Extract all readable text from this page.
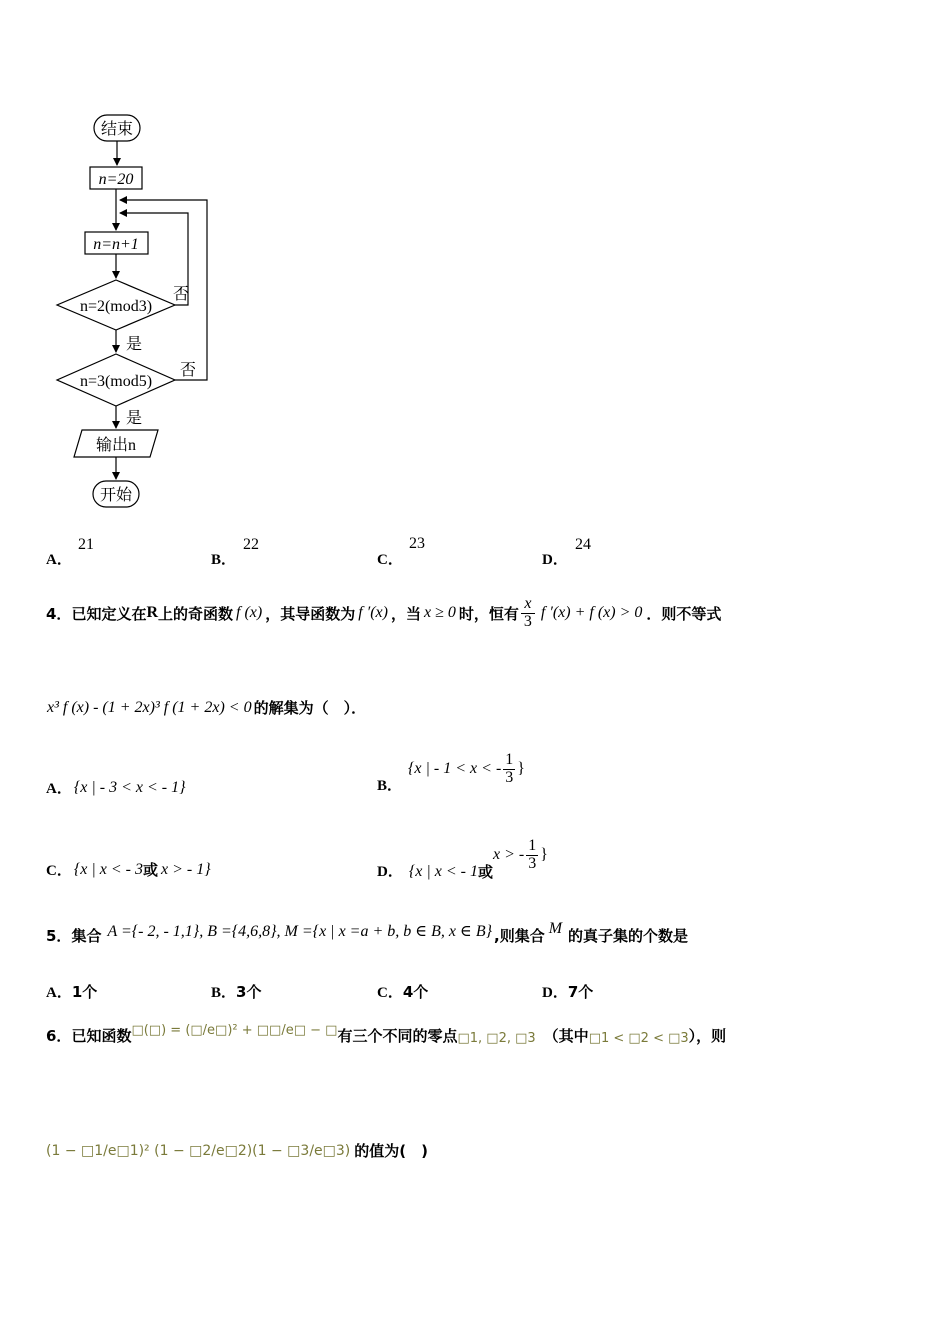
结束
n=20
n=n+1
n=2(mod3)
否
是
n=3(mod5)
否
是
输出n
开始
A．
21
B．
22
C．
23
D．
24
4． 已知定义在 R 上的奇函数 f (x) ，其导函数为 f ′(x) ，当 x ≥ 0 时，恒有 $\frac{x}{3}$ f ′(x) + f (x) > 0 ．则不等式
x³ f (x) - (1 + 2x)³ f (1 + 2x) < 0 的解集为（　）．
A． {x | - 3 < x < - 1}	B．
{x | - 1 < x < - $\frac{1}{3}$ }
C． {x | x < - 3 或 x > - 1}	D． {x | x < - 1 或
x > - $\frac{1}{3}$ }
5． 集合 A ={- 2, - 1,1}, B ={4,6,8}, M ={x | x =a + b, b ∈ B, x ∈ B} ,则集合 M 的真子集的个数是
A．1个	B．3个	C．4个	D．7个
6． 已知函数 □(□) = (□/e□)² + □□/e□ − □ 有三个不同的零点 □1, □2, □3 （其中 □1 < □2 < □3 ），则
(1 − □1/e□1)² (1 − □2/e□2)(1 − □3/e□3) 的值为(　)
